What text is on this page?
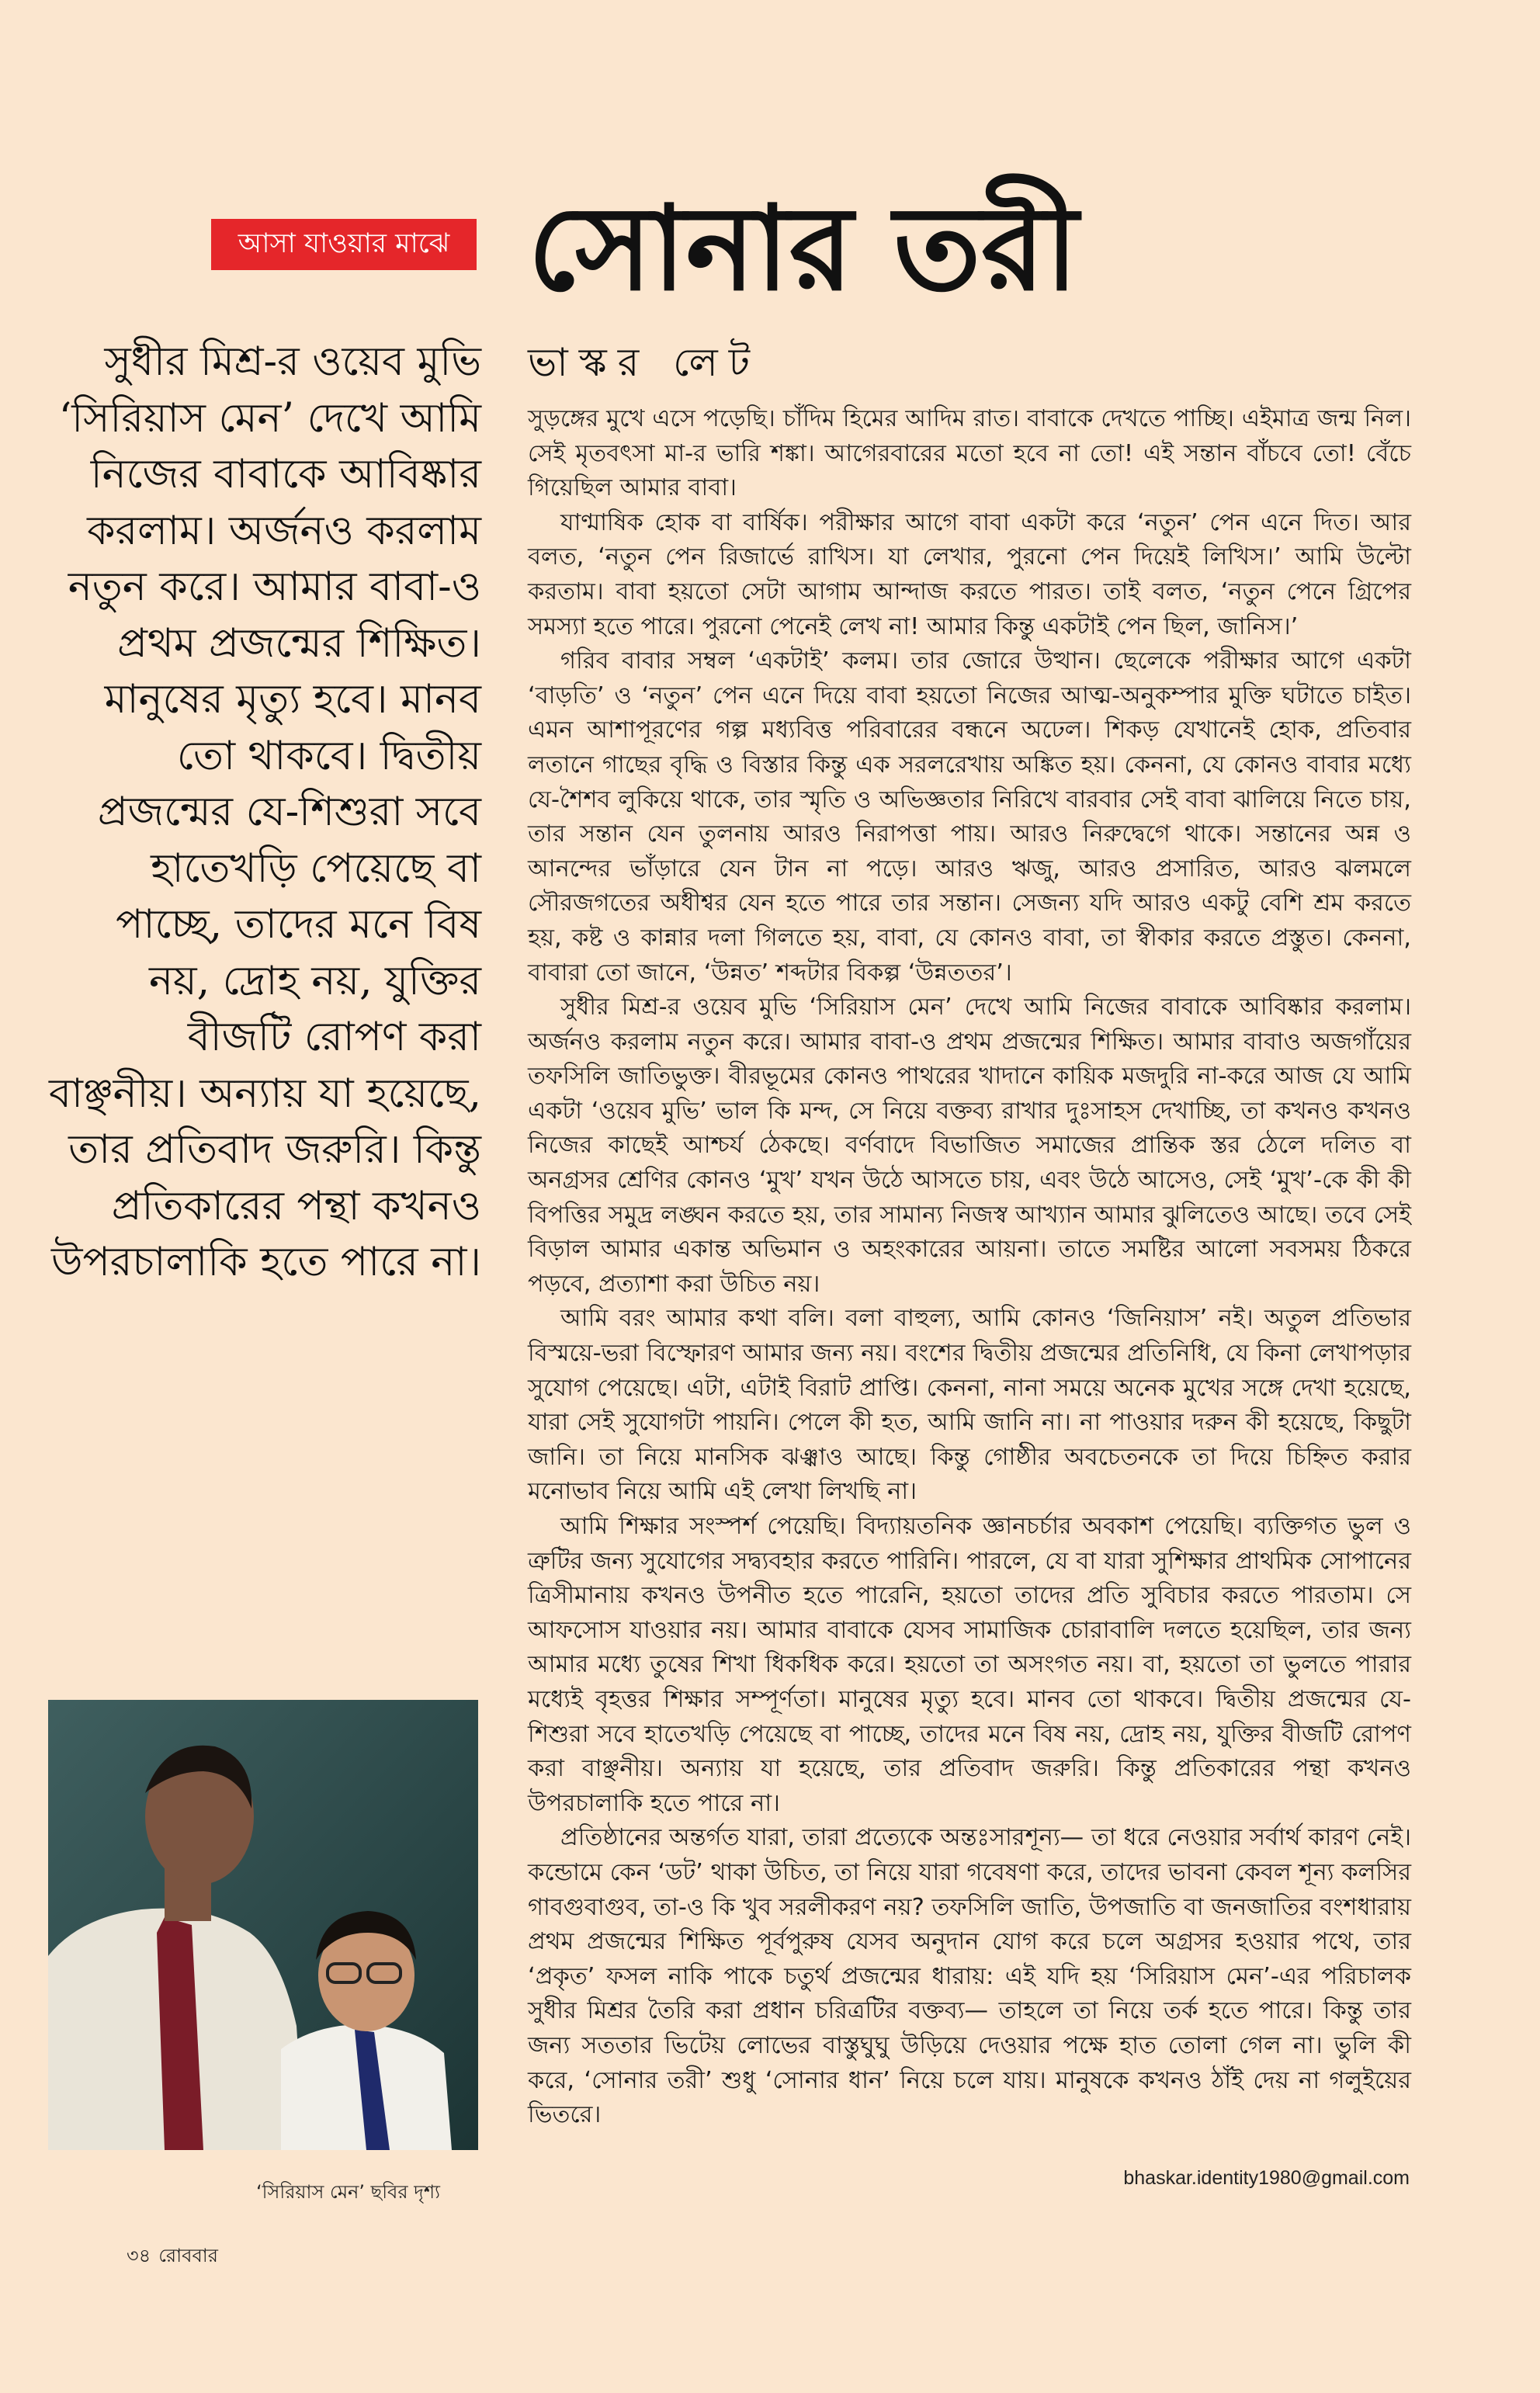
আসা যাওয়ার মাঝে সোনার তরী
ভাস্কর লেট
সুধীর মিশ্র-র ওয়েব মুভি ‘সিরিয়াস মেন’ দেখে আমি নিজের বাবাকে আবিষ্কার করলাম। অর্জনও করলাম নতুন করে। আমার বাবা-ও প্রথম প্রজন্মের শিক্ষিত। মানুষের মৃত্যু হবে। মানব তো থাকবে। দ্বিতীয় প্রজন্মের যে-শিশুরা সবে হাতেখড়ি পেয়েছে বা পাচ্ছে, তাদের মনে বিষ নয়, দ্রোহ নয়, যুক্তির বীজটি রোপণ করা বাঞ্ছনীয়। অন্যায় যা হয়েছে, তার প্রতিবাদ জরুরি। কিন্তু প্রতিকারের পন্থা কখনও উপরচালাকি হতে পারে না।

সুড়ঙ্গের মুখে এসে পড়েছি। চাঁদিম হিমের আদিম রাত। বাবাকে দেখতে পাচ্ছি। এইমাত্র জন্ম নিল। সেই মৃতবৎসা মা-র ভারি শঙ্কা। আগেরবারের মতো হবে না তো! এই সন্তান বাঁচবে তো! বেঁচে গিয়েছিল আমার বাবা।

যাণ্মাষিক হোক বা বার্ষিক। পরীক্ষার আগে বাবা একটা করে ‘নতুন’ পেন এনে দিত। আর বলত, ‘নতুন পেন রিজার্ভে রাখিস। যা লেখার, পুরনো পেন দিয়েই লিখিস।’ আমি উল্টো করতাম। বাবা হয়তো সেটা আগাম আন্দাজ করতে পারত। তাই বলত, ‘নতুন পেনে গ্রিপের সমস্যা হতে পারে। পুরনো পেনেই লেখ না! আমার কিন্তু একটাই পেন ছিল, জানিস।’

গরিব বাবার সম্বল ‘একটাই’ কলম। তার জোরে উত্থান। ছেলেকে পরীক্ষার আগে একটা ‘বাড়তি’ ও ‘নতুন’ পেন এনে দিয়ে বাবা হয়তো নিজের আত্ম-অনুকম্পার মুক্তি ঘটাতে চাইত। এমন আশাপূরণের গল্প মধ্যবিত্ত পরিবারের বন্ধনে অঢেল। শিকড় যেখানেই হোক, প্রতিবার লতানে গাছের বৃদ্ধি ও বিস্তার কিন্তু এক সরলরেখায় অঙ্কিত হয়। কেননা, যে কোনও বাবার মধ্যে যে-শৈশব লুকিয়ে থাকে, তার স্মৃতি ও অভিজ্ঞতার নিরিখে বারবার সেই বাবা ঝালিয়ে নিতে চায়, তার সন্তান যেন তুলনায় আরও নিরাপত্তা পায়। আরও নিরুদ্বেগে থাকে। সন্তানের অন্ন ও আনন্দের ভাঁড়ারে যেন টান না পড়ে। আরও ঋজু, আরও প্রসারিত, আরও ঝলমলে সৌরজগতের অধীশ্বর যেন হতে পারে তার সন্তান। সেজন্য যদি আরও একটু বেশি শ্রম করতে হয়, কষ্ট ও কান্নার দলা গিলতে হয়, বাবা, যে কোনও বাবা, তা স্বীকার করতে প্রস্তুত। কেননা, বাবারা তো জানে, ‘উন্নত’ শব্দটার বিকল্প ‘উন্নততর’।

সুধীর মিশ্র-র ওয়েব মুভি ‘সিরিয়াস মেন’ দেখে আমি নিজের বাবাকে আবিষ্কার করলাম। অর্জনও করলাম নতুন করে। আমার বাবা-ও প্রথম প্রজন্মের শিক্ষিত। আমার বাবাও অজগাঁয়ের তফসিলি জাতিভুক্ত। বীরভূমের কোনও পাথরের খাদানে কায়িক মজদুরি না-করে আজ যে আমি একটা ‘ওয়েব মুভি’ ভাল কি মন্দ, সে নিয়ে বক্তব্য রাখার দুঃসাহস দেখাচ্ছি, তা কখনও কখনও নিজের কাছেই আশ্চর্য ঠেকছে। বর্ণবাদে বিভাজিত সমাজের প্রান্তিক স্তর ঠেলে দলিত বা অনগ্রসর শ্রেণির কোনও ‘মুখ’ যখন উঠে আসতে চায়, এবং উঠে আসেও, সেই ‘মুখ’-কে কী কী বিপত্তির সমুদ্র লঙ্ঘন করতে হয়, তার সামান্য নিজস্ব আখ্যান আমার ঝুলিতেও আছে। তবে সেই বিড়াল আমার একান্ত অভিমান ও অহংকারের আয়না। তাতে সমষ্টির আলো সবসময় ঠিকরে পড়বে, প্রত্যাশা করা উচিত নয়।

আমি বরং আমার কথা বলি। বলা বাহুল্য, আমি কোনও ‘জিনিয়াস’ নই। অতুল প্রতিভার বিস্ময়ে-ভরা বিস্ফোরণ আমার জন্য নয়। বংশের দ্বিতীয় প্রজন্মের প্রতিনিধি, যে কিনা লেখাপড়ার সুযোগ পেয়েছে। এটা, এটাই বিরাট প্রাপ্তি। কেননা, নানা সময়ে অনেক মুখের সঙ্গে দেখা হয়েছে, যারা সেই সুযোগটা পায়নি। পেলে কী হত, আমি জানি না। না পাওয়ার দরুন কী হয়েছে, কিছুটা জানি। তা নিয়ে মানসিক ঝঞ্ঝাও আছে। কিন্তু গোষ্ঠীর অবচেতনকে তা দিয়ে চিহ্নিত করার মনোভাব নিয়ে আমি এই লেখা লিখছি না।

আমি শিক্ষার সংস্পর্শ পেয়েছি। বিদ্যায়তনিক জ্ঞানচর্চার অবকাশ পেয়েছি। ব্যক্তিগত ভুল ও ত্রুটির জন্য সুযোগের সদ্ব্যবহার করতে পারিনি। পারলে, যে বা যারা সুশিক্ষার প্রাথমিক সোপানের ত্রিসীমানায় কখনও উপনীত হতে পারেনি, হয়তো তাদের প্রতি সুবিচার করতে পারতাম। সে আফসোস যাওয়ার নয়। আমার বাবাকে যেসব সামাজিক চোরাবালি দলতে হয়েছিল, তার জন্য আমার মধ্যে তুষের শিখা ধিকধিক করে। হয়তো তা অসংগত নয়। বা, হয়তো তা ভুলতে পারার মধ্যেই বৃহত্তর শিক্ষার সম্পূর্ণতা। মানুষের মৃত্যু হবে। মানব তো থাকবে। দ্বিতীয় প্রজন্মের যে-শিশুরা সবে হাতেখড়ি পেয়েছে বা পাচ্ছে, তাদের মনে বিষ নয়, দ্রোহ নয়, যুক্তির বীজটি রোপণ করা বাঞ্ছনীয়। অন্যায় যা হয়েছে, তার প্রতিবাদ জরুরি। কিন্তু প্রতিকারের পন্থা কখনও উপরচালাকি হতে পারে না।

প্রতিষ্ঠানের অন্তর্গত যারা, তারা প্রত্যেকে অন্তঃসারশূন্য— তা ধরে নেওয়ার সর্বার্থ কারণ নেই। কন্ডোমে কেন ‘ডট’ থাকা উচিত, তা নিয়ে যারা গবেষণা করে, তাদের ভাবনা কেবল শূন্য কলসির গাবগুবাগুব, তা-ও কি খুব সরলীকরণ নয়? তফসিলি জাতি, উপজাতি বা জনজাতির বংশধারায় প্রথম প্রজন্মের শিক্ষিত পূর্বপুরুষ যেসব অনুদান যোগ করে চলে অগ্রসর হওয়ার পথে, তার ‘প্রকৃত’ ফসল নাকি পাকে চতুর্থ প্রজন্মের ধারায়: এই যদি হয় ‘সিরিয়াস মেন’-এর পরিচালক সুধীর মিশ্রর তৈরি করা প্রধান চরিত্রটির বক্তব্য— তাহলে তা নিয়ে তর্ক হতে পারে। কিন্তু তার জন্য সততার ভিটেয় লোভের বাস্তুঘুঘু উড়িয়ে দেওয়ার পক্ষে হাত তোলা গেল না। ভুলি কী করে, ‘সোনার তরী’ শুধু ‘সোনার ধান’ নিয়ে চলে যায়। মানুষকে কখনও ঠাঁই দেয় না গলুইয়ের ভিতরে।

‘সিরিয়াস মেন’ ছবির দৃশ্য
bhaskar.identity1980@gmail.com
৩৪ রোববার
